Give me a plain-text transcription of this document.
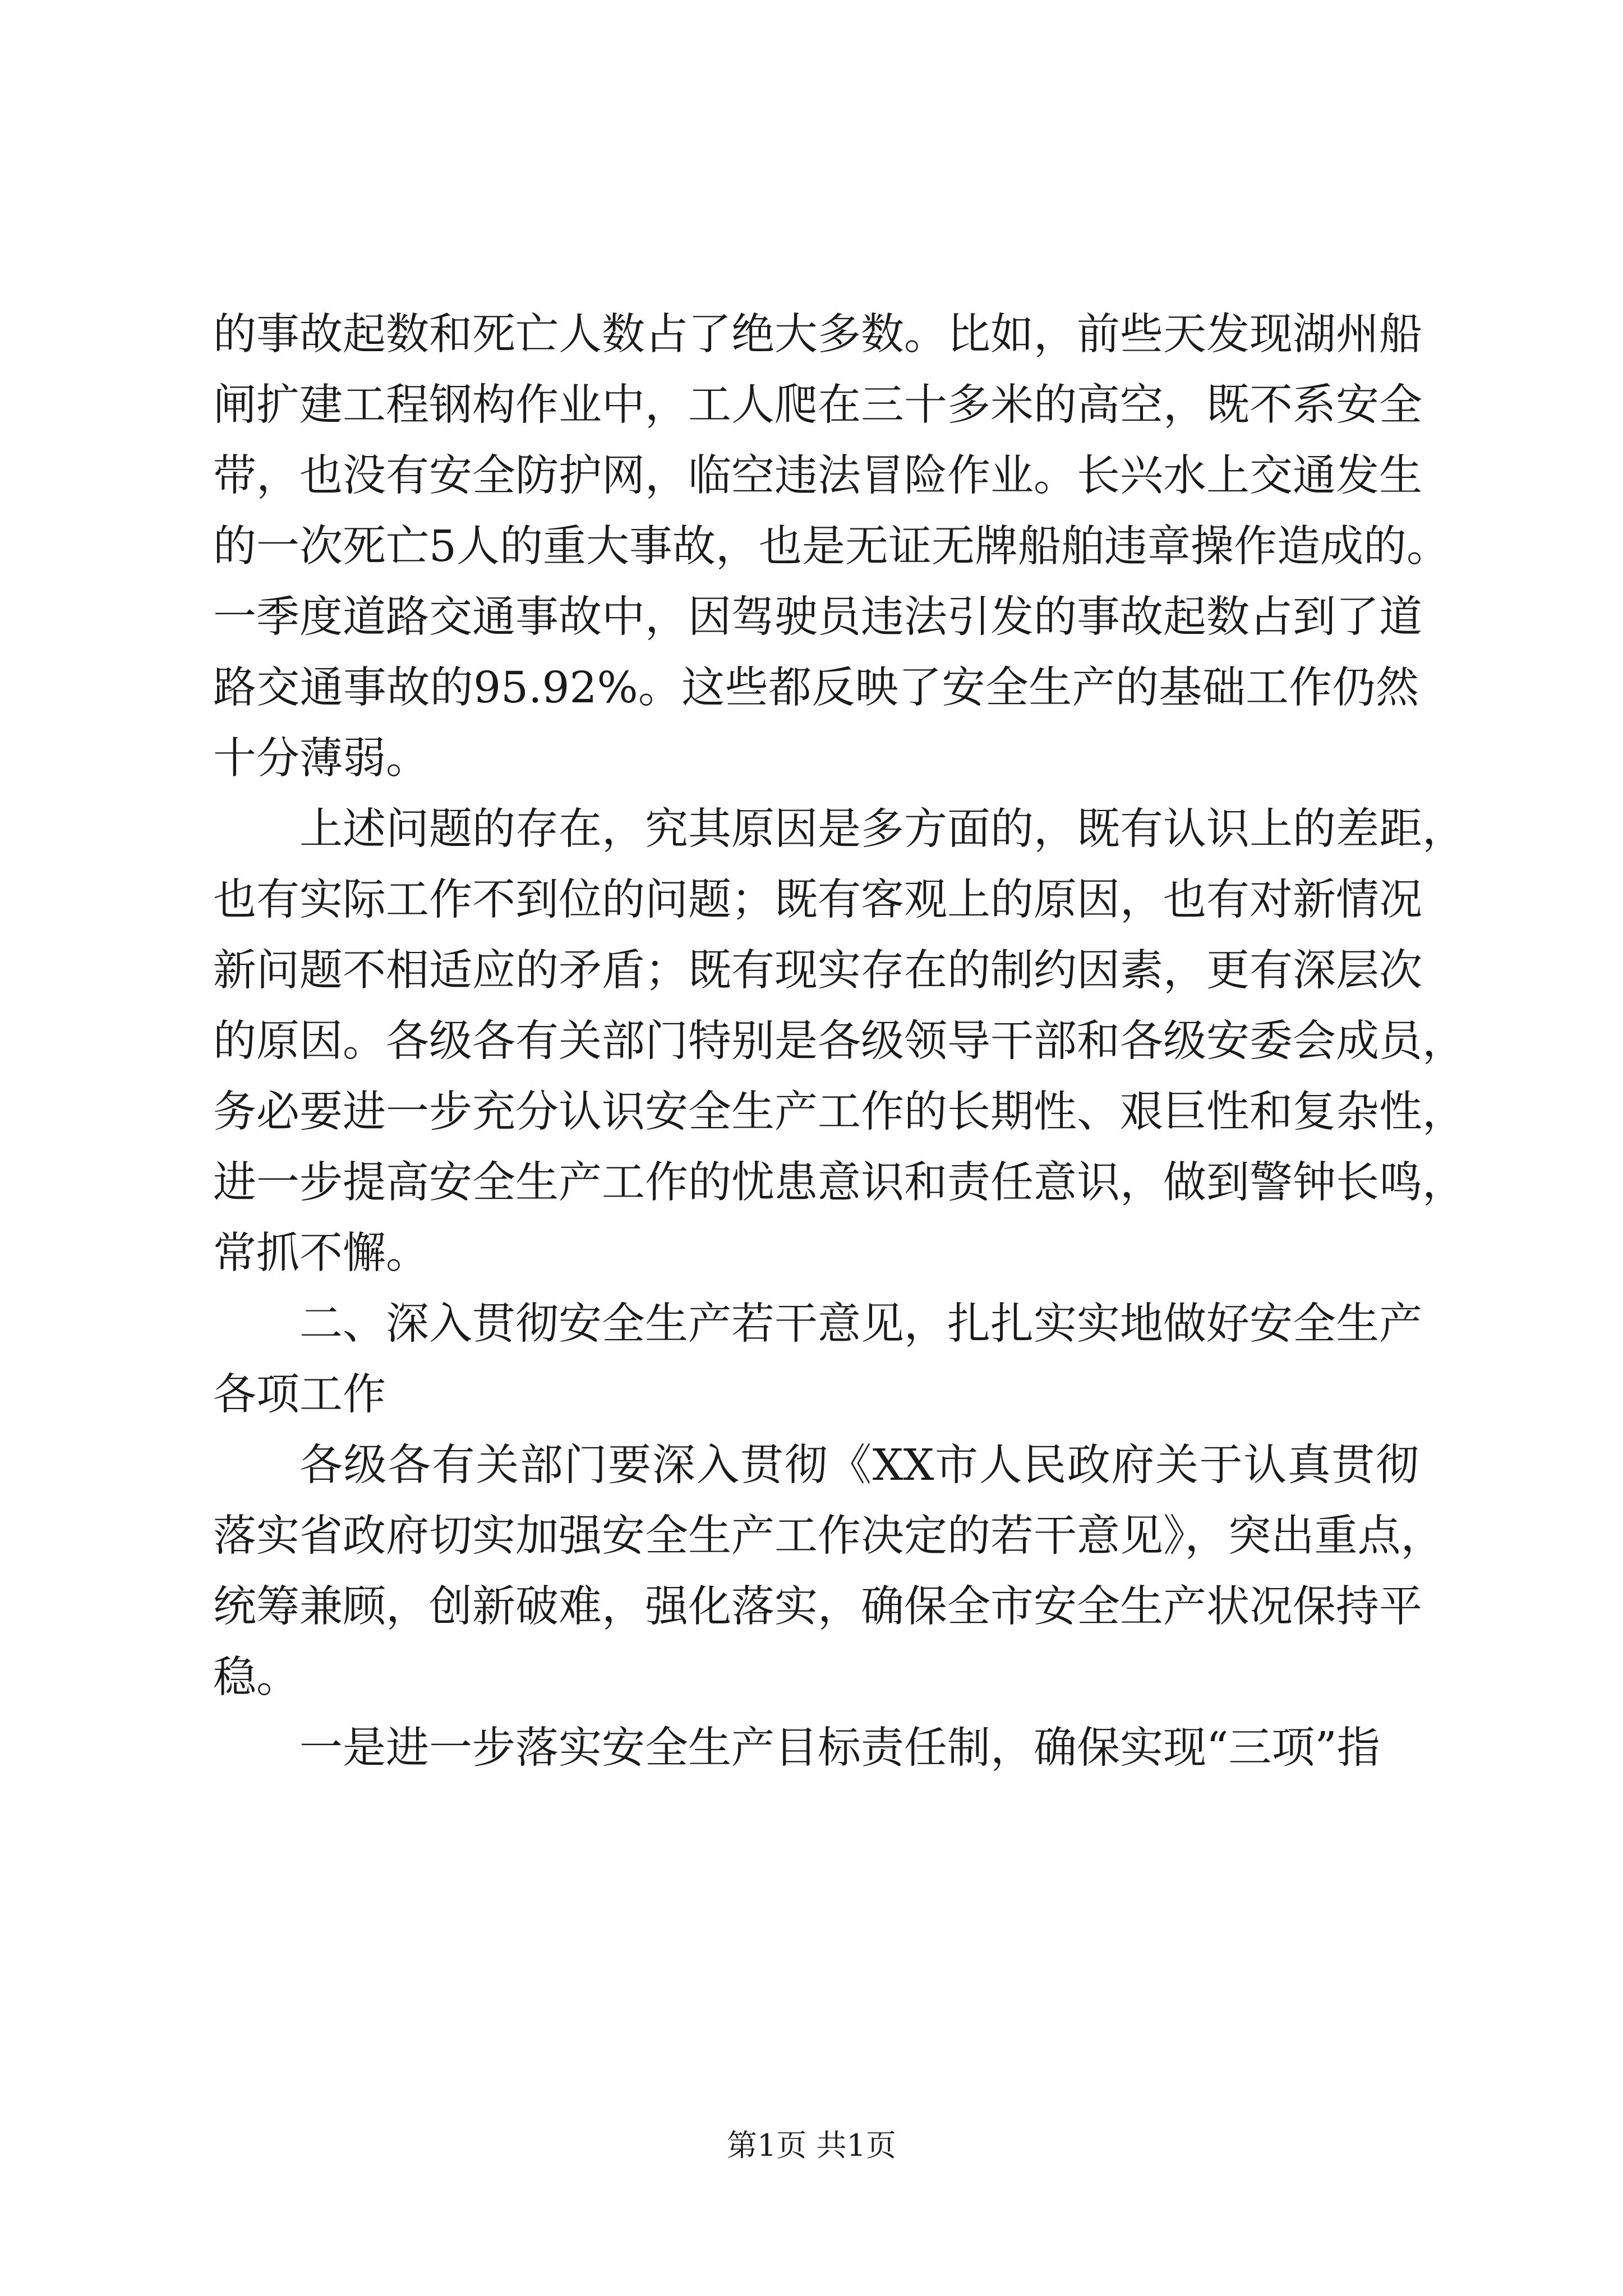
的事故起数和死亡人数占了绝大多数。比如，前些天发现湖州船
闸扩建工程钢构作业中，工人爬在三十多米的高空，既不系安全
带，也没有安全防护网，临空违法冒险作业。长兴水上交通发生
的一次死亡5人的重大事故，也是无证无牌船舶违章操作造成的。
一季度道路交通事故中，因驾驶员违法引发的事故起数占到了道
路交通事故的95.92%。这些都反映了安全生产的基础工作仍然
十分薄弱。
上述问题的存在，究其原因是多方面的，既有认识上的差距，
也有实际工作不到位的问题；既有客观上的原因，也有对新情况
新问题不相适应的矛盾；既有现实存在的制约因素，更有深层次
的原因。各级各有关部门特别是各级领导干部和各级安委会成员，
务必要进一步充分认识安全生产工作的长期性、艰巨性和复杂性，
进一步提高安全生产工作的忧患意识和责任意识，做到警钟长鸣，
常抓不懈。
二、深入贯彻安全生产若干意见，扎扎实实地做好安全生产
各项工作
各级各有关部门要深入贯彻《XX市人民政府关于认真贯彻
落实省政府切实加强安全生产工作决定的若干意见》，突出重点，
统筹兼顾，创新破难，强化落实，确保全市安全生产状况保持平
稳。
一是进一步落实安全生产目标责任制，确保实现“三项”指
第1页 共1页
